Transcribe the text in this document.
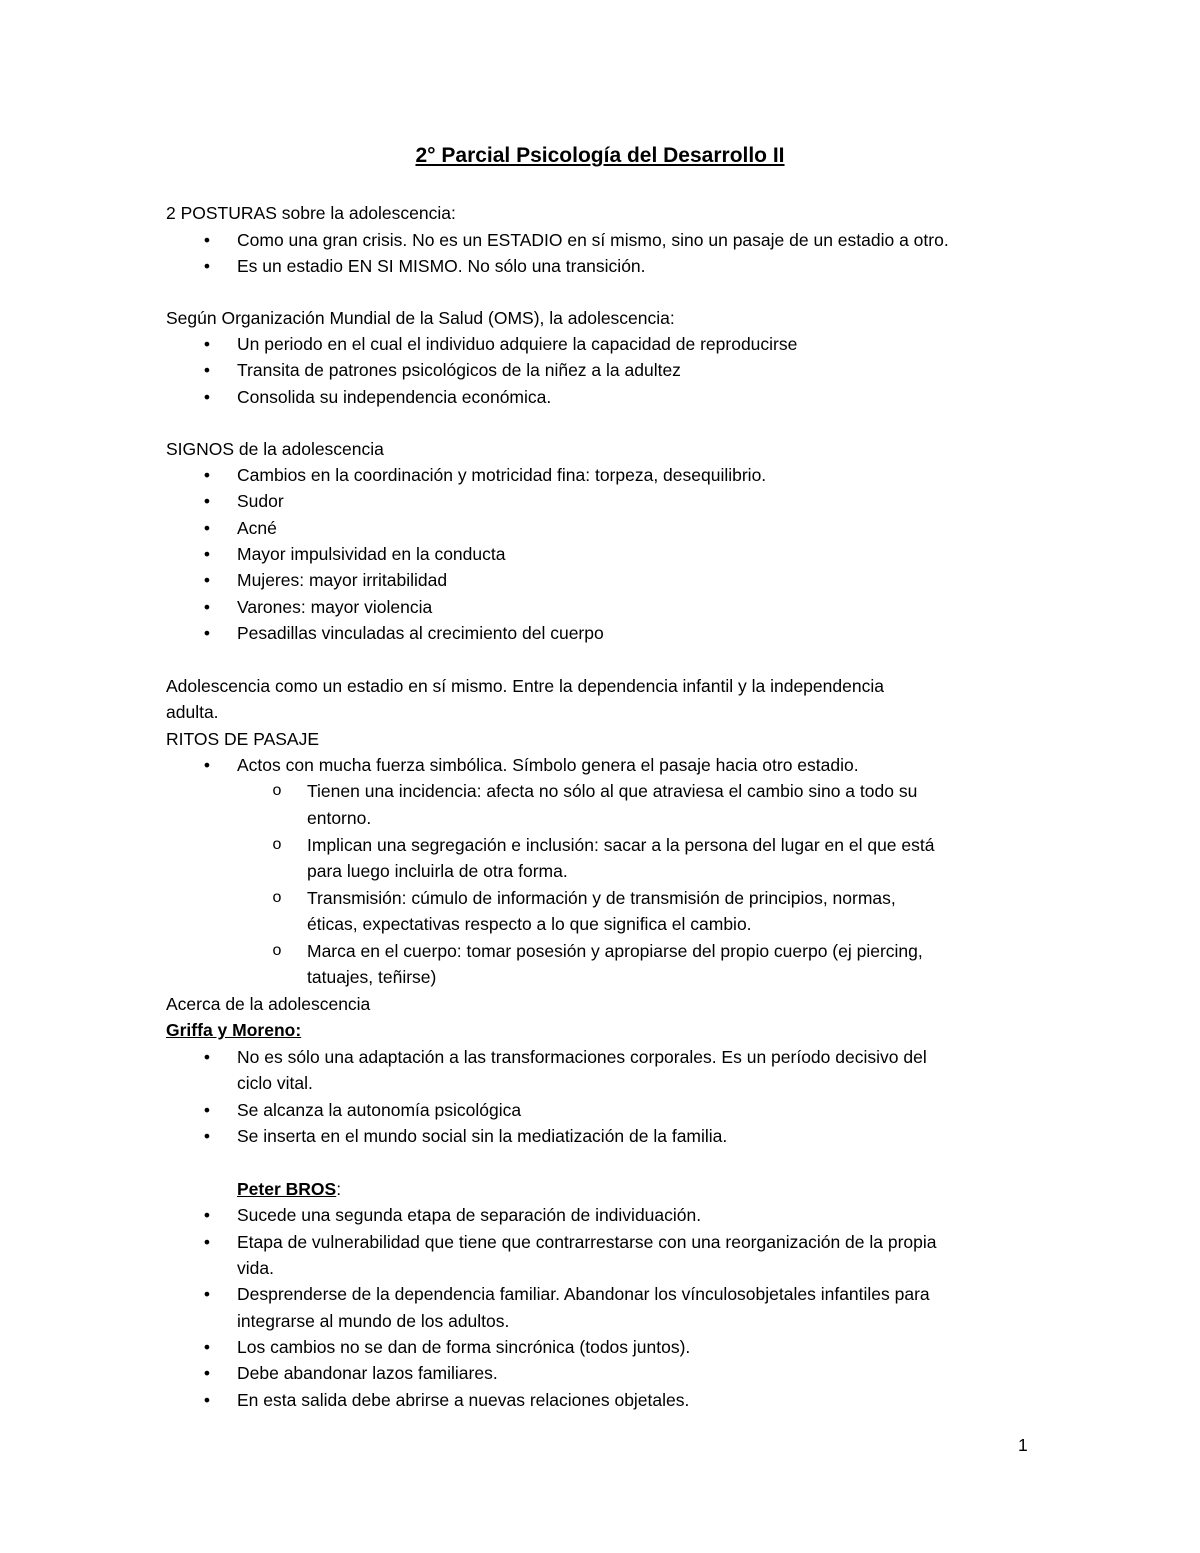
2° Parcial Psicología del Desarrollo II
2 POSTURAS sobre la adolescencia:
• Como una gran crisis. No es un ESTADIO en sí mismo, sino un pasaje de un estadio a otro.
• Es un estadio EN SI MISMO. No sólo una transición.
Según Organización Mundial de la Salud (OMS), la adolescencia:
• Un periodo en el cual el individuo adquiere la capacidad de reproducirse
• Transita de patrones psicológicos de la niñez a la adultez
• Consolida su independencia económica.
SIGNOS de la adolescencia
• Cambios en la coordinación y motricidad fina: torpeza, desequilibrio.
• Sudor
• Acné
• Mayor impulsividad en la conducta
• Mujeres: mayor irritabilidad
• Varones: mayor violencia
• Pesadillas vinculadas al crecimiento del cuerpo
Adolescencia como un estadio en sí mismo. Entre la dependencia infantil y la independencia
adulta.
RITOS DE PASAJE
• Actos con mucha fuerza simbólica. Símbolo genera el pasaje hacia otro estadio.
o Tienen una incidencia: afecta no sólo al que atraviesa el cambio sino a todo su
entorno.
o Implican una segregación e inclusión: sacar a la persona del lugar en el que está
para luego incluirla de otra forma.
o Transmisión: cúmulo de información y de transmisión de principios, normas,
éticas, expectativas respecto a lo que significa el cambio.
o Marca en el cuerpo: tomar posesión y apropiarse del propio cuerpo (ej piercing,
tatuajes, teñirse)
Acerca de la adolescencia
Griffa y Moreno:
• No es sólo una adaptación a las transformaciones corporales. Es un período decisivo del
ciclo vital.
• Se alcanza la autonomía psicológica
• Se inserta en el mundo social sin la mediatización de la familia.
Peter BROS:
• Sucede una segunda etapa de separación de individuación.
• Etapa de vulnerabilidad que tiene que contrarrestarse con una reorganización de la propia
vida.
• Desprenderse de la dependencia familiar. Abandonar los vínculosobjetales infantiles para
integrarse al mundo de los adultos.
• Los cambios no se dan de forma sincrónica (todos juntos).
• Debe abandonar lazos familiares.
• En esta salida debe abrirse a nuevas relaciones objetales.
1
